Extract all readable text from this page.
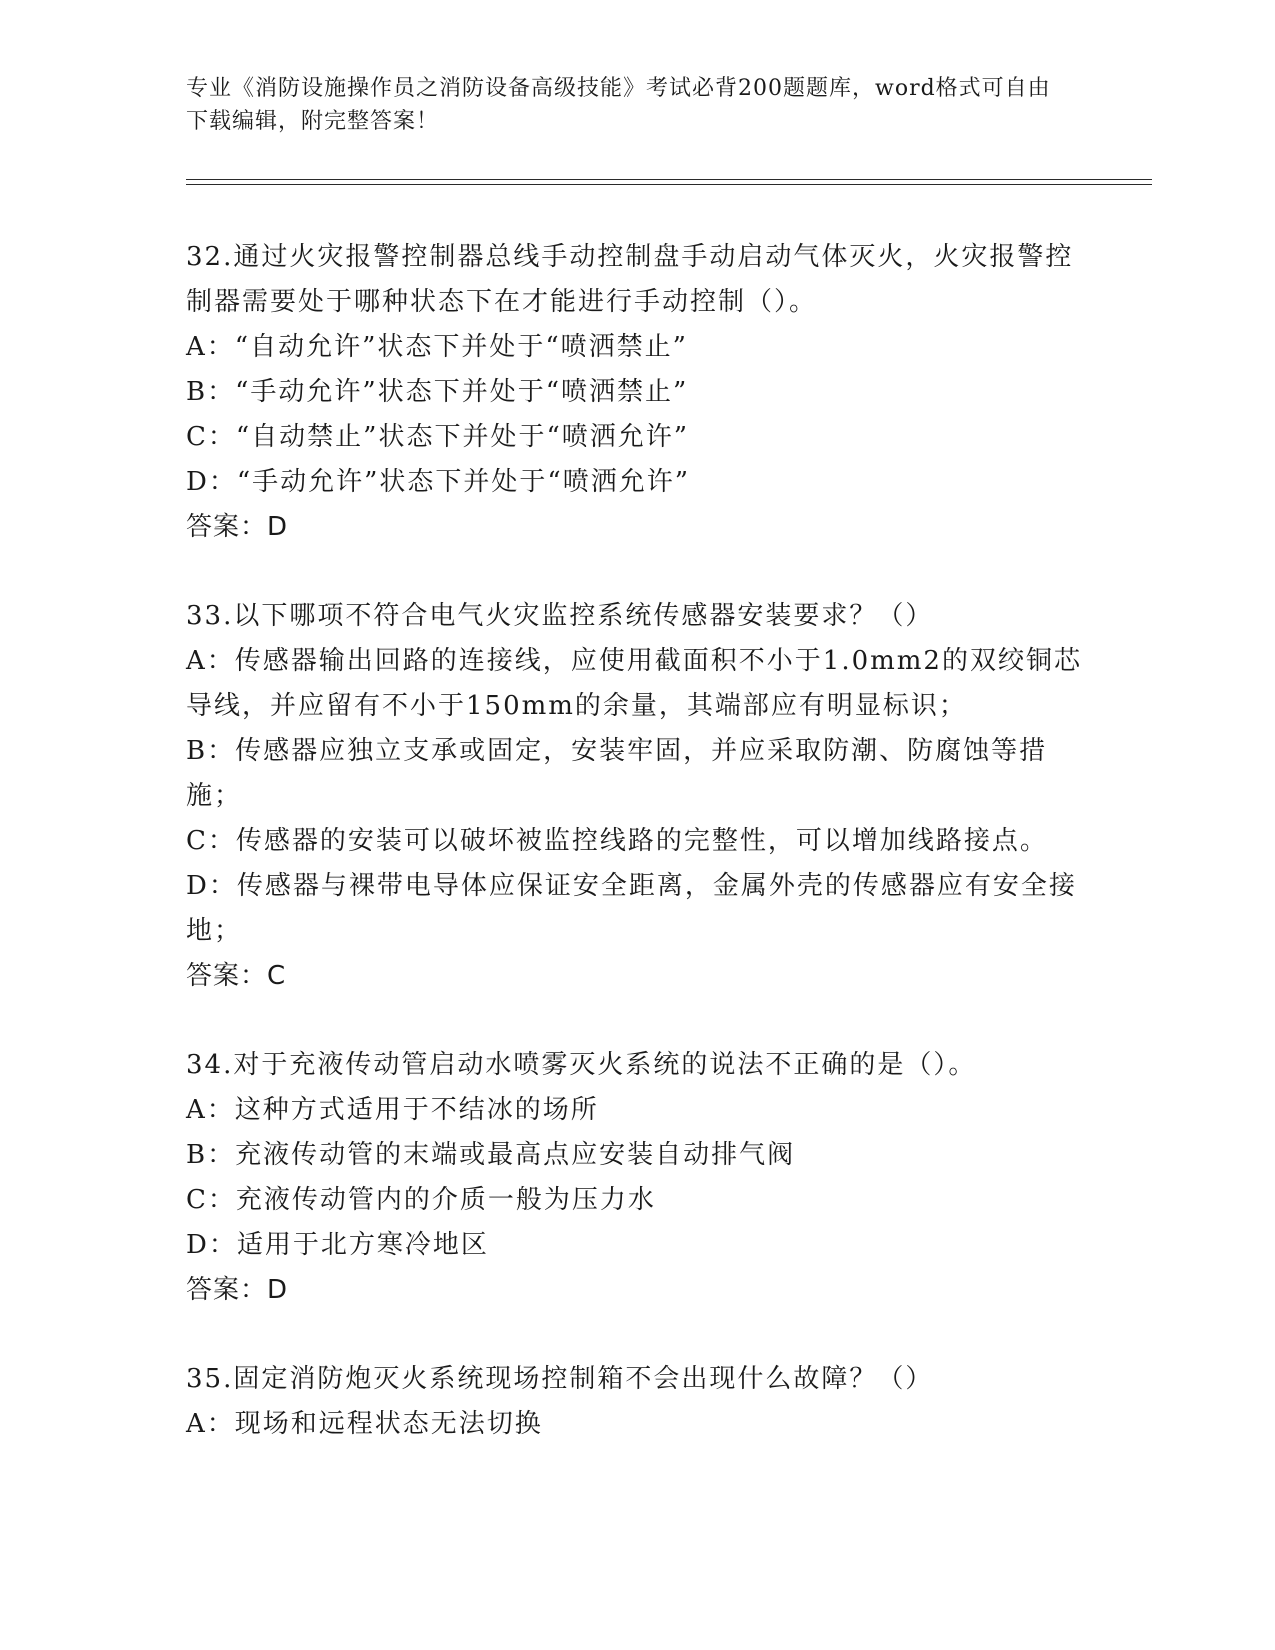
专业《消防设施操作员之消防设备高级技能》考试必背200题题库，word格式可自由下载编辑，附完整答案！
32.通过火灾报警控制器总线手动控制盘手动启动气体灭火，火灾报警控制器需要处于哪种状态下在才能进行手动控制（）。
A：“自动允许”状态下并处于“喷洒禁止”
B：“手动允许”状态下并处于“喷洒禁止”
C：“自动禁止”状态下并处于“喷洒允许”
D：“手动允许”状态下并处于“喷洒允许”
答案：D
33.以下哪项不符合电气火灾监控系统传感器安装要求？（）
A：传感器输出回路的连接线，应使用截面积不小于1.0mm2的双绞铜芯导线，并应留有不小于150mm的余量，其端部应有明显标识；
B：传感器应独立支承或固定，安装牢固，并应采取防潮、防腐蚀等措施；
C：传感器的安装可以破坏被监控线路的完整性，可以增加线路接点。
D：传感器与裸带电导体应保证安全距离，金属外壳的传感器应有安全接地；
答案：C
34.对于充液传动管启动水喷雾灭火系统的说法不正确的是（）。
A：这种方式适用于不结冰的场所
B：充液传动管的末端或最高点应安装自动排气阀
C：充液传动管内的介质一般为压力水
D：适用于北方寒冷地区
答案：D
35.固定消防炮灭火系统现场控制箱不会出现什么故障？（）
A：现场和远程状态无法切换
